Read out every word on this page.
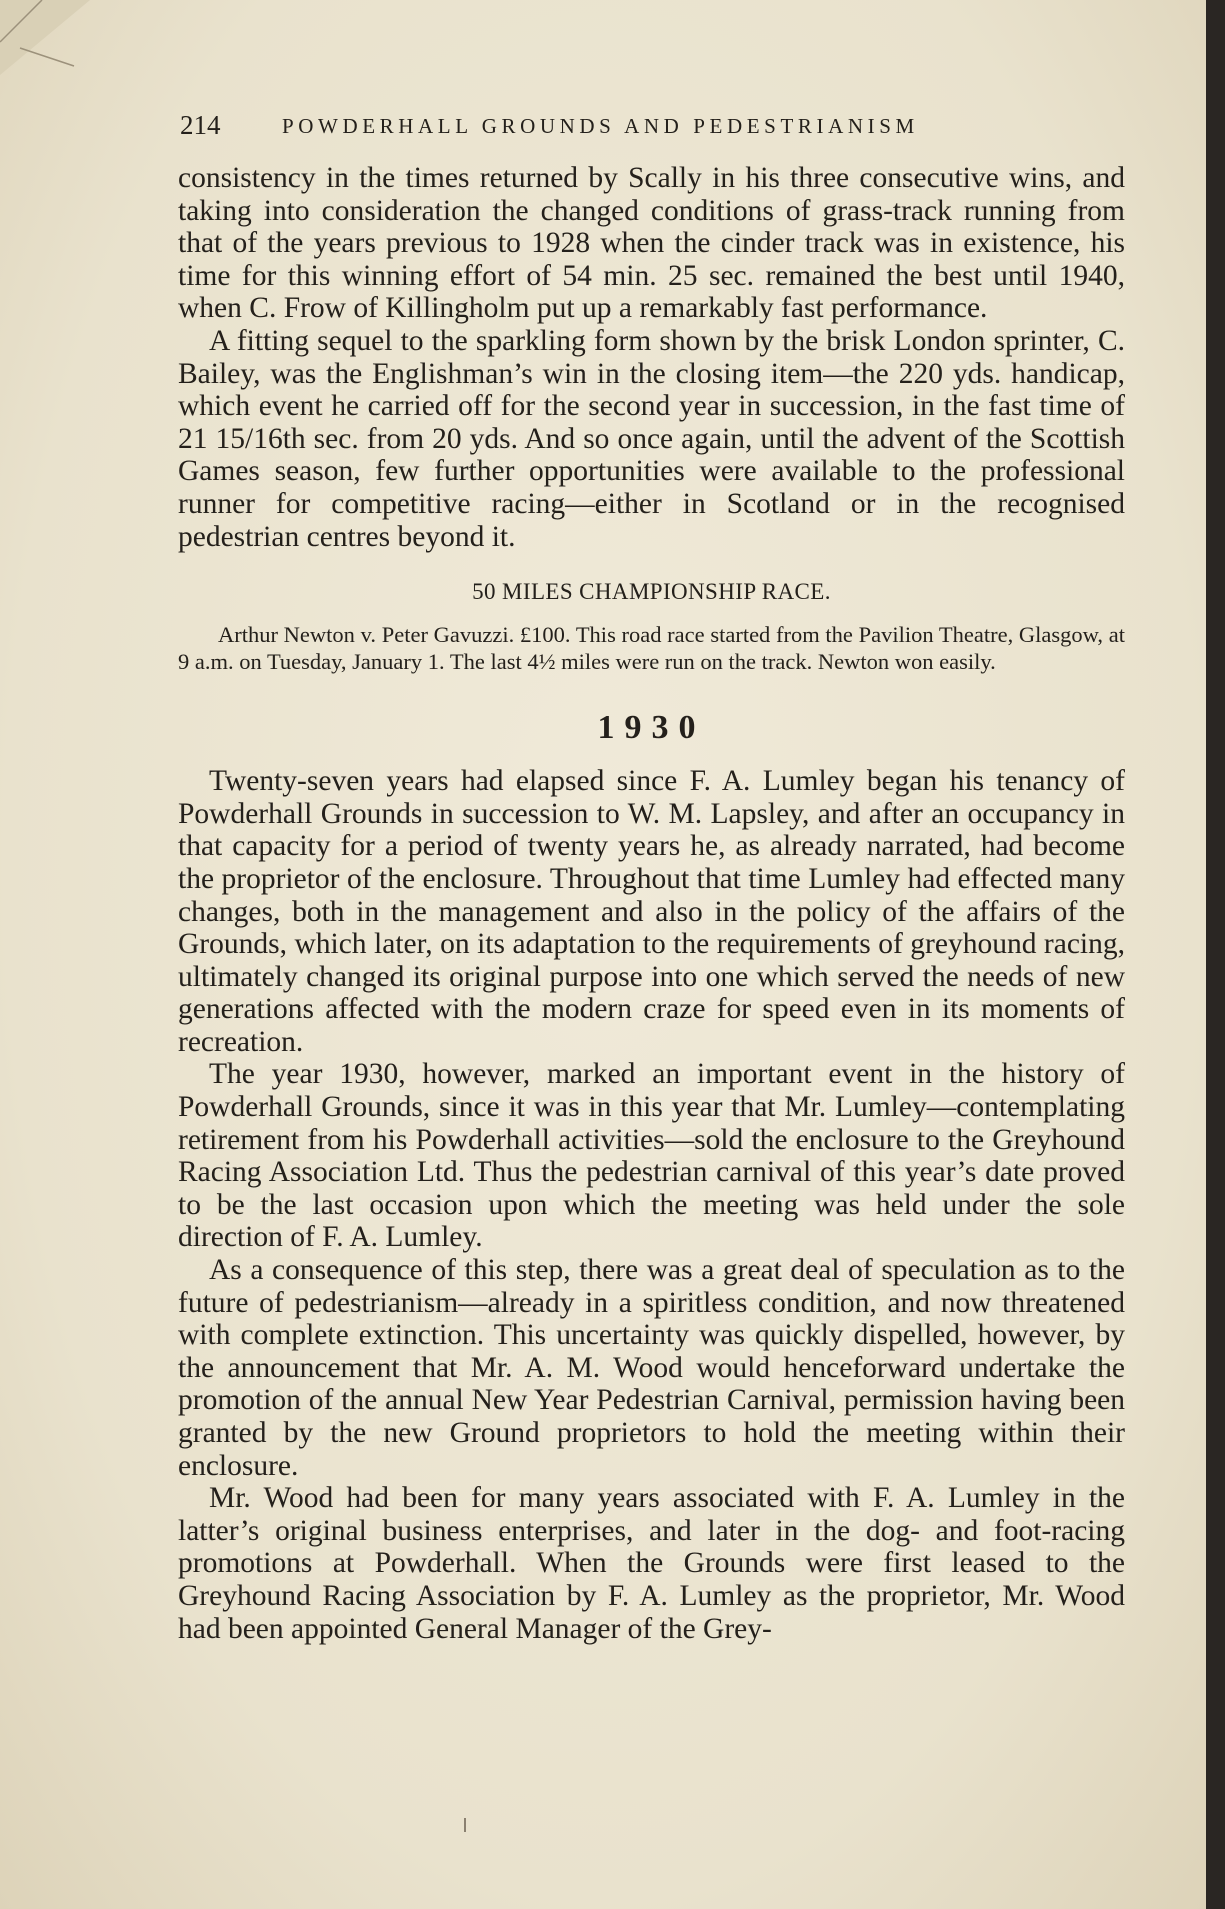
214	POWDERHALL GROUNDS AND PEDESTRIANISM

consistency in the times returned by Scally in his three consecutive wins, and taking into consideration the changed conditions of grass-track running from that of the years previous to 1928 when the cinder track was in existence, his time for this winning effort of 54 min. 25 sec. remained the best until 1940, when C. Frow of Killingholm put up a remarkably fast performance.

A fitting sequel to the sparkling form shown by the brisk London sprinter, C. Bailey, was the Englishman’s win in the closing item—the 220 yds. handicap, which event he carried off for the second year in succession, in the fast time of 21 15/16th sec. from 20 yds. And so once again, until the advent of the Scottish Games season, few further opportunities were available to the professional runner for competitive racing—either in Scotland or in the recognised pedestrian centres beyond it.

50 MILES CHAMPIONSHIP RACE.

Arthur Newton v. Peter Gavuzzi. £100. This road race started from the Pavilion Theatre, Glasgow, at 9 a.m. on Tuesday, January 1. The last 4½ miles were run on the track. Newton won easily.

1930

Twenty-seven years had elapsed since F. A. Lumley began his tenancy of Powderhall Grounds in succession to W. M. Lapsley, and after an occupancy in that capacity for a period of twenty years he, as already narrated, had become the proprietor of the enclosure. Throughout that time Lumley had effected many changes, both in the management and also in the policy of the affairs of the Grounds, which later, on its adaptation to the requirements of greyhound racing, ultimately changed its original purpose into one which served the needs of new generations affected with the modern craze for speed even in its moments of recreation.

The year 1930, however, marked an important event in the history of Powderhall Grounds, since it was in this year that Mr. Lumley—contemplating retirement from his Powderhall activities—sold the enclosure to the Greyhound Racing Association Ltd. Thus the pedestrian carnival of this year’s date proved to be the last occasion upon which the meeting was held under the sole direction of F. A. Lumley.

As a consequence of this step, there was a great deal of speculation as to the future of pedestrianism—already in a spiritless condition, and now threatened with complete extinction. This uncertainty was quickly dispelled, however, by the announcement that Mr. A. M. Wood would henceforward undertake the promotion of the annual New Year Pedestrian Carnival, permission having been granted by the new Ground proprietors to hold the meeting within their enclosure.

Mr. Wood had been for many years associated with F. A. Lumley in the latter’s original business enterprises, and later in the dog- and foot-racing promotions at Powderhall. When the Grounds were first leased to the Greyhound Racing Association by F. A. Lumley as the proprietor, Mr. Wood had been appointed General Manager of the Grey-
